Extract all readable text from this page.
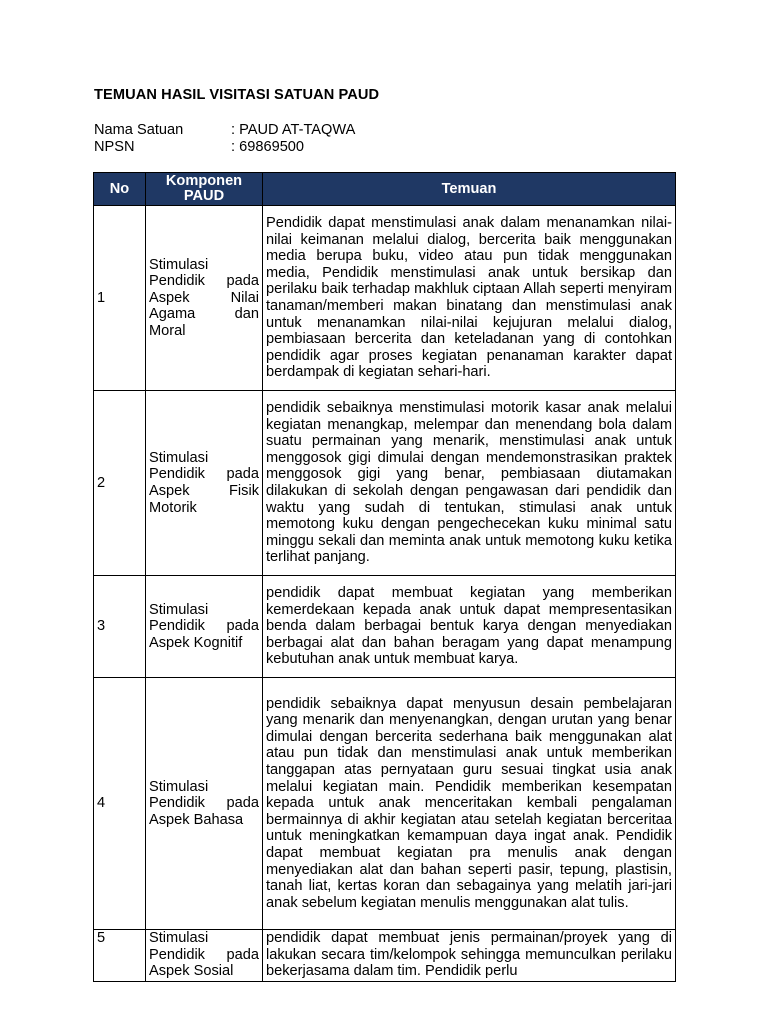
TEMUAN HASIL VISITASI SATUAN PAUD
Nama Satuan	: PAUD AT-TAQWA
NPSN	: 69869500
No	Komponen PAUD	Temuan
1	Stimulasi Pendidik pada Aspek Nilai Agama dan Moral	Pendidik dapat menstimulasi anak dalam menanamkan nilai-nilai keimanan melalui dialog, bercerita baik menggunakan media berupa buku, video atau pun tidak menggunakan media, Pendidik menstimulasi anak untuk bersikap dan perilaku baik terhadap makhluk ciptaan Allah seperti menyiram tanaman/memberi makan binatang dan menstimulasi anak untuk menanamkan nilai-nilai kejujuran melalui dialog, pembiasaan bercerita dan keteladanan yang di contohkan pendidik agar proses kegiatan penanaman karakter dapat berdampak di kegiatan sehari-hari.
2	Stimulasi Pendidik pada Aspek Fisik Motorik	pendidik sebaiknya menstimulasi motorik kasar anak melalui kegiatan menangkap, melempar dan menendang bola dalam suatu permainan yang menarik, menstimulasi anak untuk menggosok gigi dimulai dengan mendemonstrasikan praktek menggosok gigi yang benar, pembiasaan diutamakan dilakukan di sekolah dengan pengawasan dari pendidik dan waktu yang sudah di tentukan, stimulasi anak untuk memotong kuku dengan pengechecekan kuku minimal satu minggu sekali dan meminta anak untuk memotong kuku ketika terlihat panjang.
3	Stimulasi Pendidik pada Aspek Kognitif	pendidik dapat membuat kegiatan yang memberikan kemerdekaan kepada anak untuk dapat mempresentasikan benda dalam berbagai bentuk karya dengan menyediakan berbagai alat dan bahan beragam yang dapat menampung kebutuhan anak untuk membuat karya.
4	Stimulasi Pendidik pada Aspek Bahasa	pendidik sebaiknya dapat menyusun desain pembelajaran yang menarik dan menyenangkan, dengan urutan yang benar dimulai dengan bercerita sederhana baik menggunakan alat atau pun tidak dan menstimulasi anak untuk memberikan tanggapan atas pernyataan guru sesuai tingkat usia anak melalui kegiatan main. Pendidik memberikan kesempatan kepada untuk anak menceritakan kembali pengalaman bermainnya di akhir kegiatan atau setelah kegiatan berceritaa untuk meningkatkan kemampuan daya ingat anak. Pendidik dapat membuat kegiatan pra menulis anak dengan menyediakan alat dan bahan seperti pasir, tepung, plastisin, tanah liat, kertas koran dan sebagainya yang melatih jari-jari anak sebelum kegiatan menulis menggunakan alat tulis.

5	Stimulasi Pendidik pada Aspek Sosial	pendidik dapat membuat jenis permainan/proyek yang di lakukan secara tim/kelompok sehingga memunculkan perilaku bekerjasama dalam tim. Pendidik perlu
